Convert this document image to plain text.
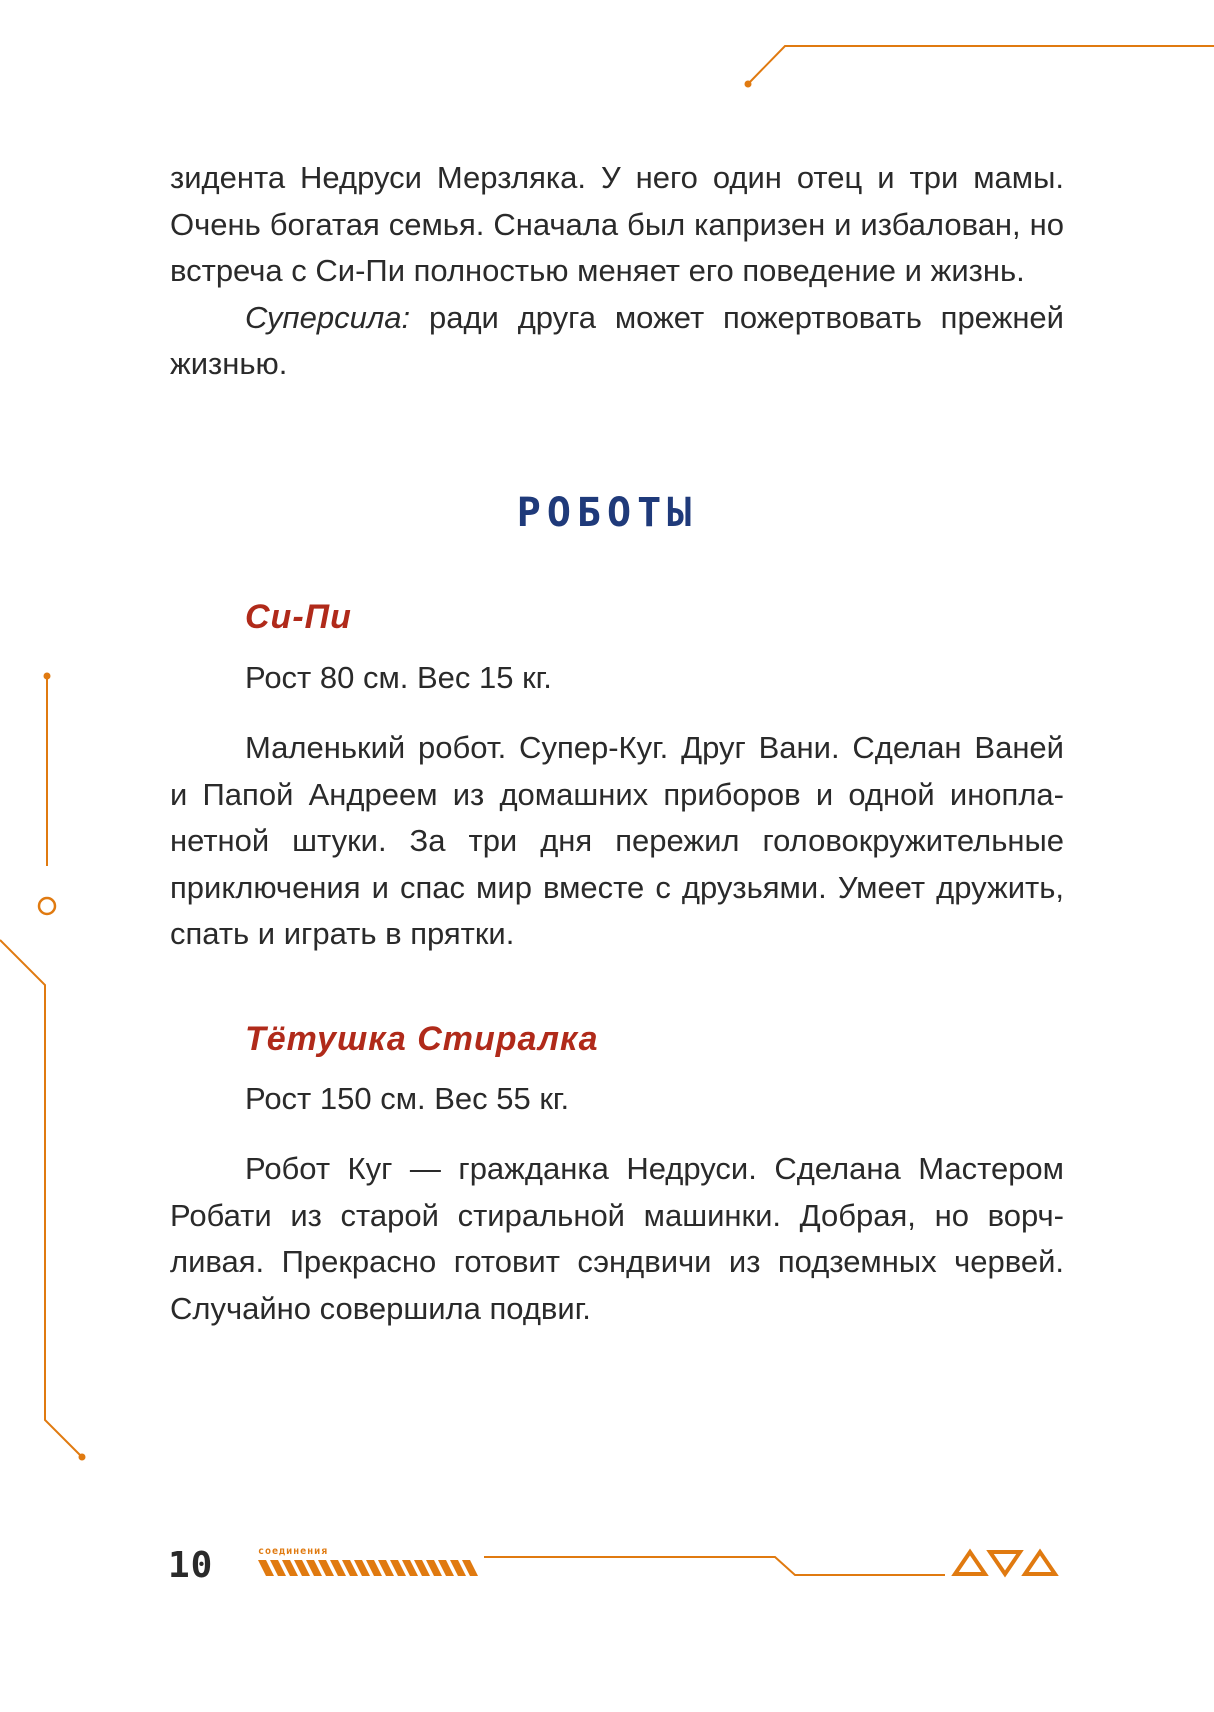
зидента Недруси Мерзляка. У него один отец и три мамы. Очень богатая семья. Сначала был капризен и избалован, но встреча с Си-Пи полностью меняет его поведение и жизнь.

Суперсила: ради друга может пожертвовать прежней жизнью.

РОБОТЫ
Си-Пи
Рост 80 см. Вес 15 кг.

Маленький робот. Супер-Куг. Друг Вани. Сделан Ваней и Папой Андреем из домашних приборов и одной инопланетной штуки. За три дня пережил головокружительные приключения и спас мир вместе с друзьями. Умеет дружить, спать и играть в прятки.

Тётушка Стиралка
Рост 150 см. Вес 55 кг.

Робот Куг — гражданка Недруси. Сделана Мастером Робати из старой стиральной машинки. Добрая, но ворчливая. Прекрасно готовит сэндвичи из подземных червей. Случайно совершила подвиг.

10	соединения
